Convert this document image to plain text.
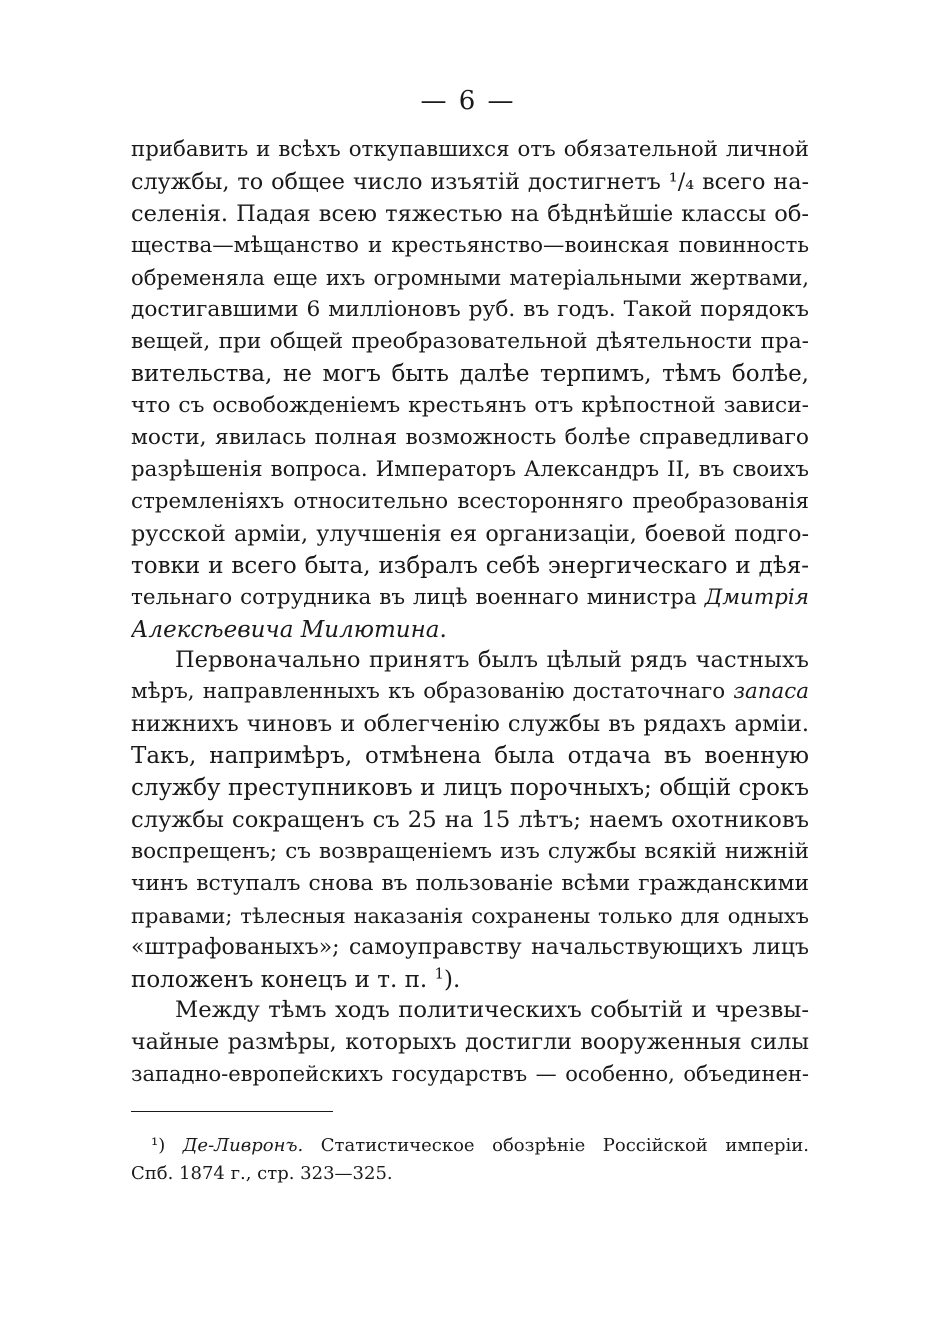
— 6 —
прибавить и всѣхъ откупавшихся отъ обязательной личной
службы, то общее число изъятій достигнетъ ¹/₄ всего на-
селенія. Падая всею тяжестью на бѣднѣйшіе классы об-
щества—мѣщанство и крестьянство—воинская повинность
обременяла еще ихъ огромными матеріальными жертвами,
достигавшими 6 милліоновъ руб. въ годъ. Такой порядокъ
вещей, при общей преобразовательной дѣятельности пра-
вительства, не могъ быть далѣе терпимъ, тѣмъ болѣе,
что съ освобожденіемъ крестьянъ отъ крѣпостной зависи-
мости, явилась полная возможность болѣе справедливаго
разрѣшенія вопроса. Императоръ Александръ II, въ своихъ
стремленіяхъ относительно всесторонняго преобразованія
русской арміи, улучшенія ея организаціи, боевой подго-
товки и всего быта, избралъ себѣ энергическаго и дѣя-
тельнаго сотрудника въ лицѣ военнаго министра Дмитрія
Алексѣевича Милютина.
Первоначально принятъ былъ цѣлый рядъ частныхъ
мѣръ, направленныхъ къ образованію достаточнаго запаса
нижнихъ чиновъ и облегченію службы въ рядахъ арміи.
Такъ, напримѣръ, отмѣнена была отдача въ военную
службу преступниковъ и лицъ порочныхъ; общій срокъ
службы сокращенъ съ 25 на 15 лѣтъ; наемъ охотниковъ
воспрещенъ; съ возвращеніемъ изъ службы всякій нижній
чинъ вступалъ снова въ пользованіе всѣми гражданскими
правами; тѣлесныя наказанія сохранены только для одныхъ
«штрафованыхъ»; самоуправству начальствующихъ лицъ
положенъ конецъ и т. п. $^1$).
Между тѣмъ ходъ политическихъ событій и чрезвы-
чайные размѣры, которыхъ достигли вооруженныя силы
западно-европейскихъ государствъ — особенно, объединен-
¹) Де-Ливронъ. Статистическое обозрѣніе Россійской имперіи.
Спб. 1874 г., стр. 323—325.
